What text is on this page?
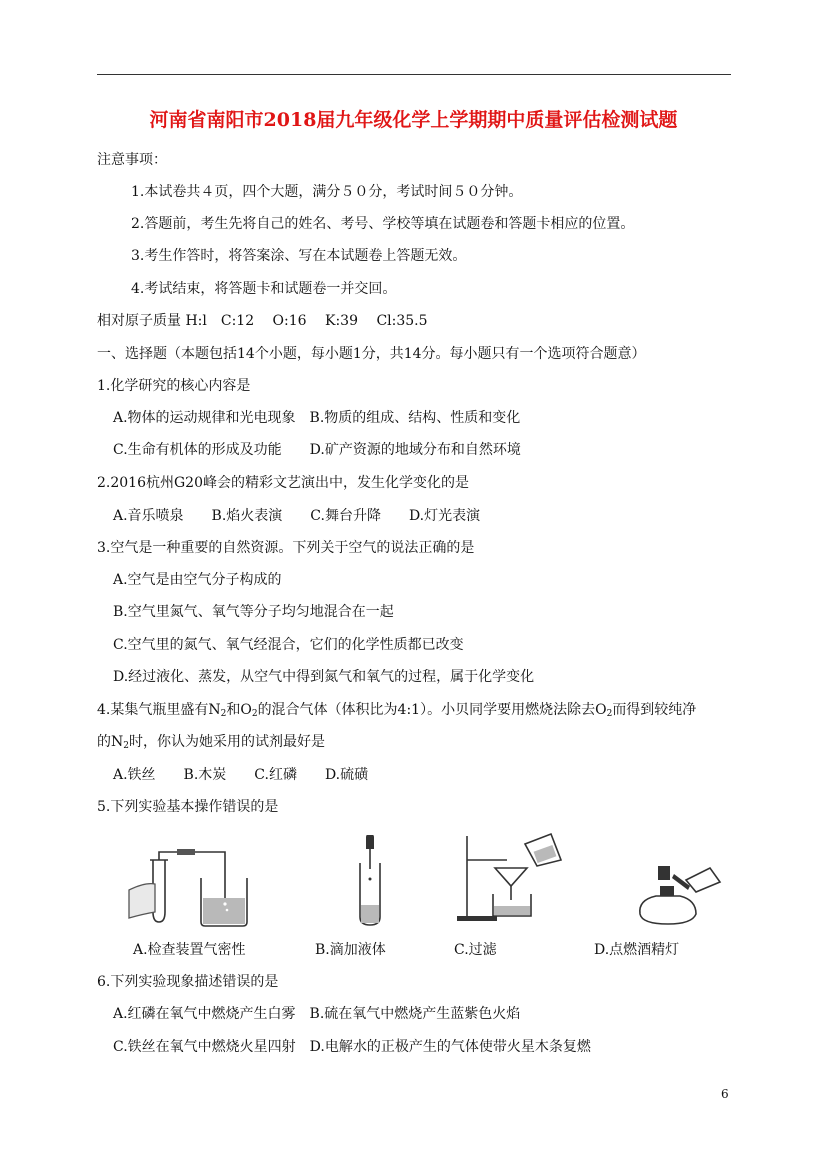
河南省南阳市2018届九年级化学上学期期中质量评估检测试题
注意事项：
1.本试卷共４页，四个大题，满分５０分，考试时间５０分钟。
2.答题前，考生先将自己的姓名、考号、学校等填在试题卷和答题卡相应的位置。
3.考生作答时，将答案涂、写在本试题卷上答题无效。
4.考试结束，将答题卡和试题卷一并交回。
相对原子质量 H:l　C:12　 O:16　 K:39　 Cl:35.5
一、选择题（本题包括14个小题，每小题1分，共14分。每小题只有一个选项符合题意）
1.化学研究的核心内容是
A.物体的运动规律和光电现象　B.物质的组成、结构、性质和变化
C.生命有机体的形成及功能　　D.矿产资源的地域分布和自然环境
2.2016杭州G20峰会的精彩文艺演出中，发生化学变化的是
A.音乐喷泉　　B.焰火表演　　C.舞台升降　　D.灯光表演
3.空气是一种重要的自然资源。下列关于空气的说法正确的是
A.空气是由空气分子构成的
B.空气里氮气、氧气等分子均匀地混合在一起
C.空气里的氮气、氧气经混合，它们的化学性质都已改变
D.经过液化、蒸发，从空气中得到氮气和氧气的过程，属于化学变化
4.某集气瓶里盛有$N_2$和$O_2$的混合气体（体积比为4:1）。小贝同学要用燃烧法除去$O_2$而得到较纯净
的$N_2$时，你认为她采用的试剂最好是
A.铁丝　　B.木炭　　C.红磷　　D.硫磺
5.下列实验基本操作错误的是
A.检查装置气密性	B.滴加液体	C.过滤	D.点燃酒精灯
6.下列实验现象描述错误的是
A.红磷在氧气中燃烧产生白雾　B.硫在氧气中燃烧产生蓝紫色火焰
C.铁丝在氧气中燃烧火星四射　D.电解水的正极产生的气体使带火星木条复燃
6
